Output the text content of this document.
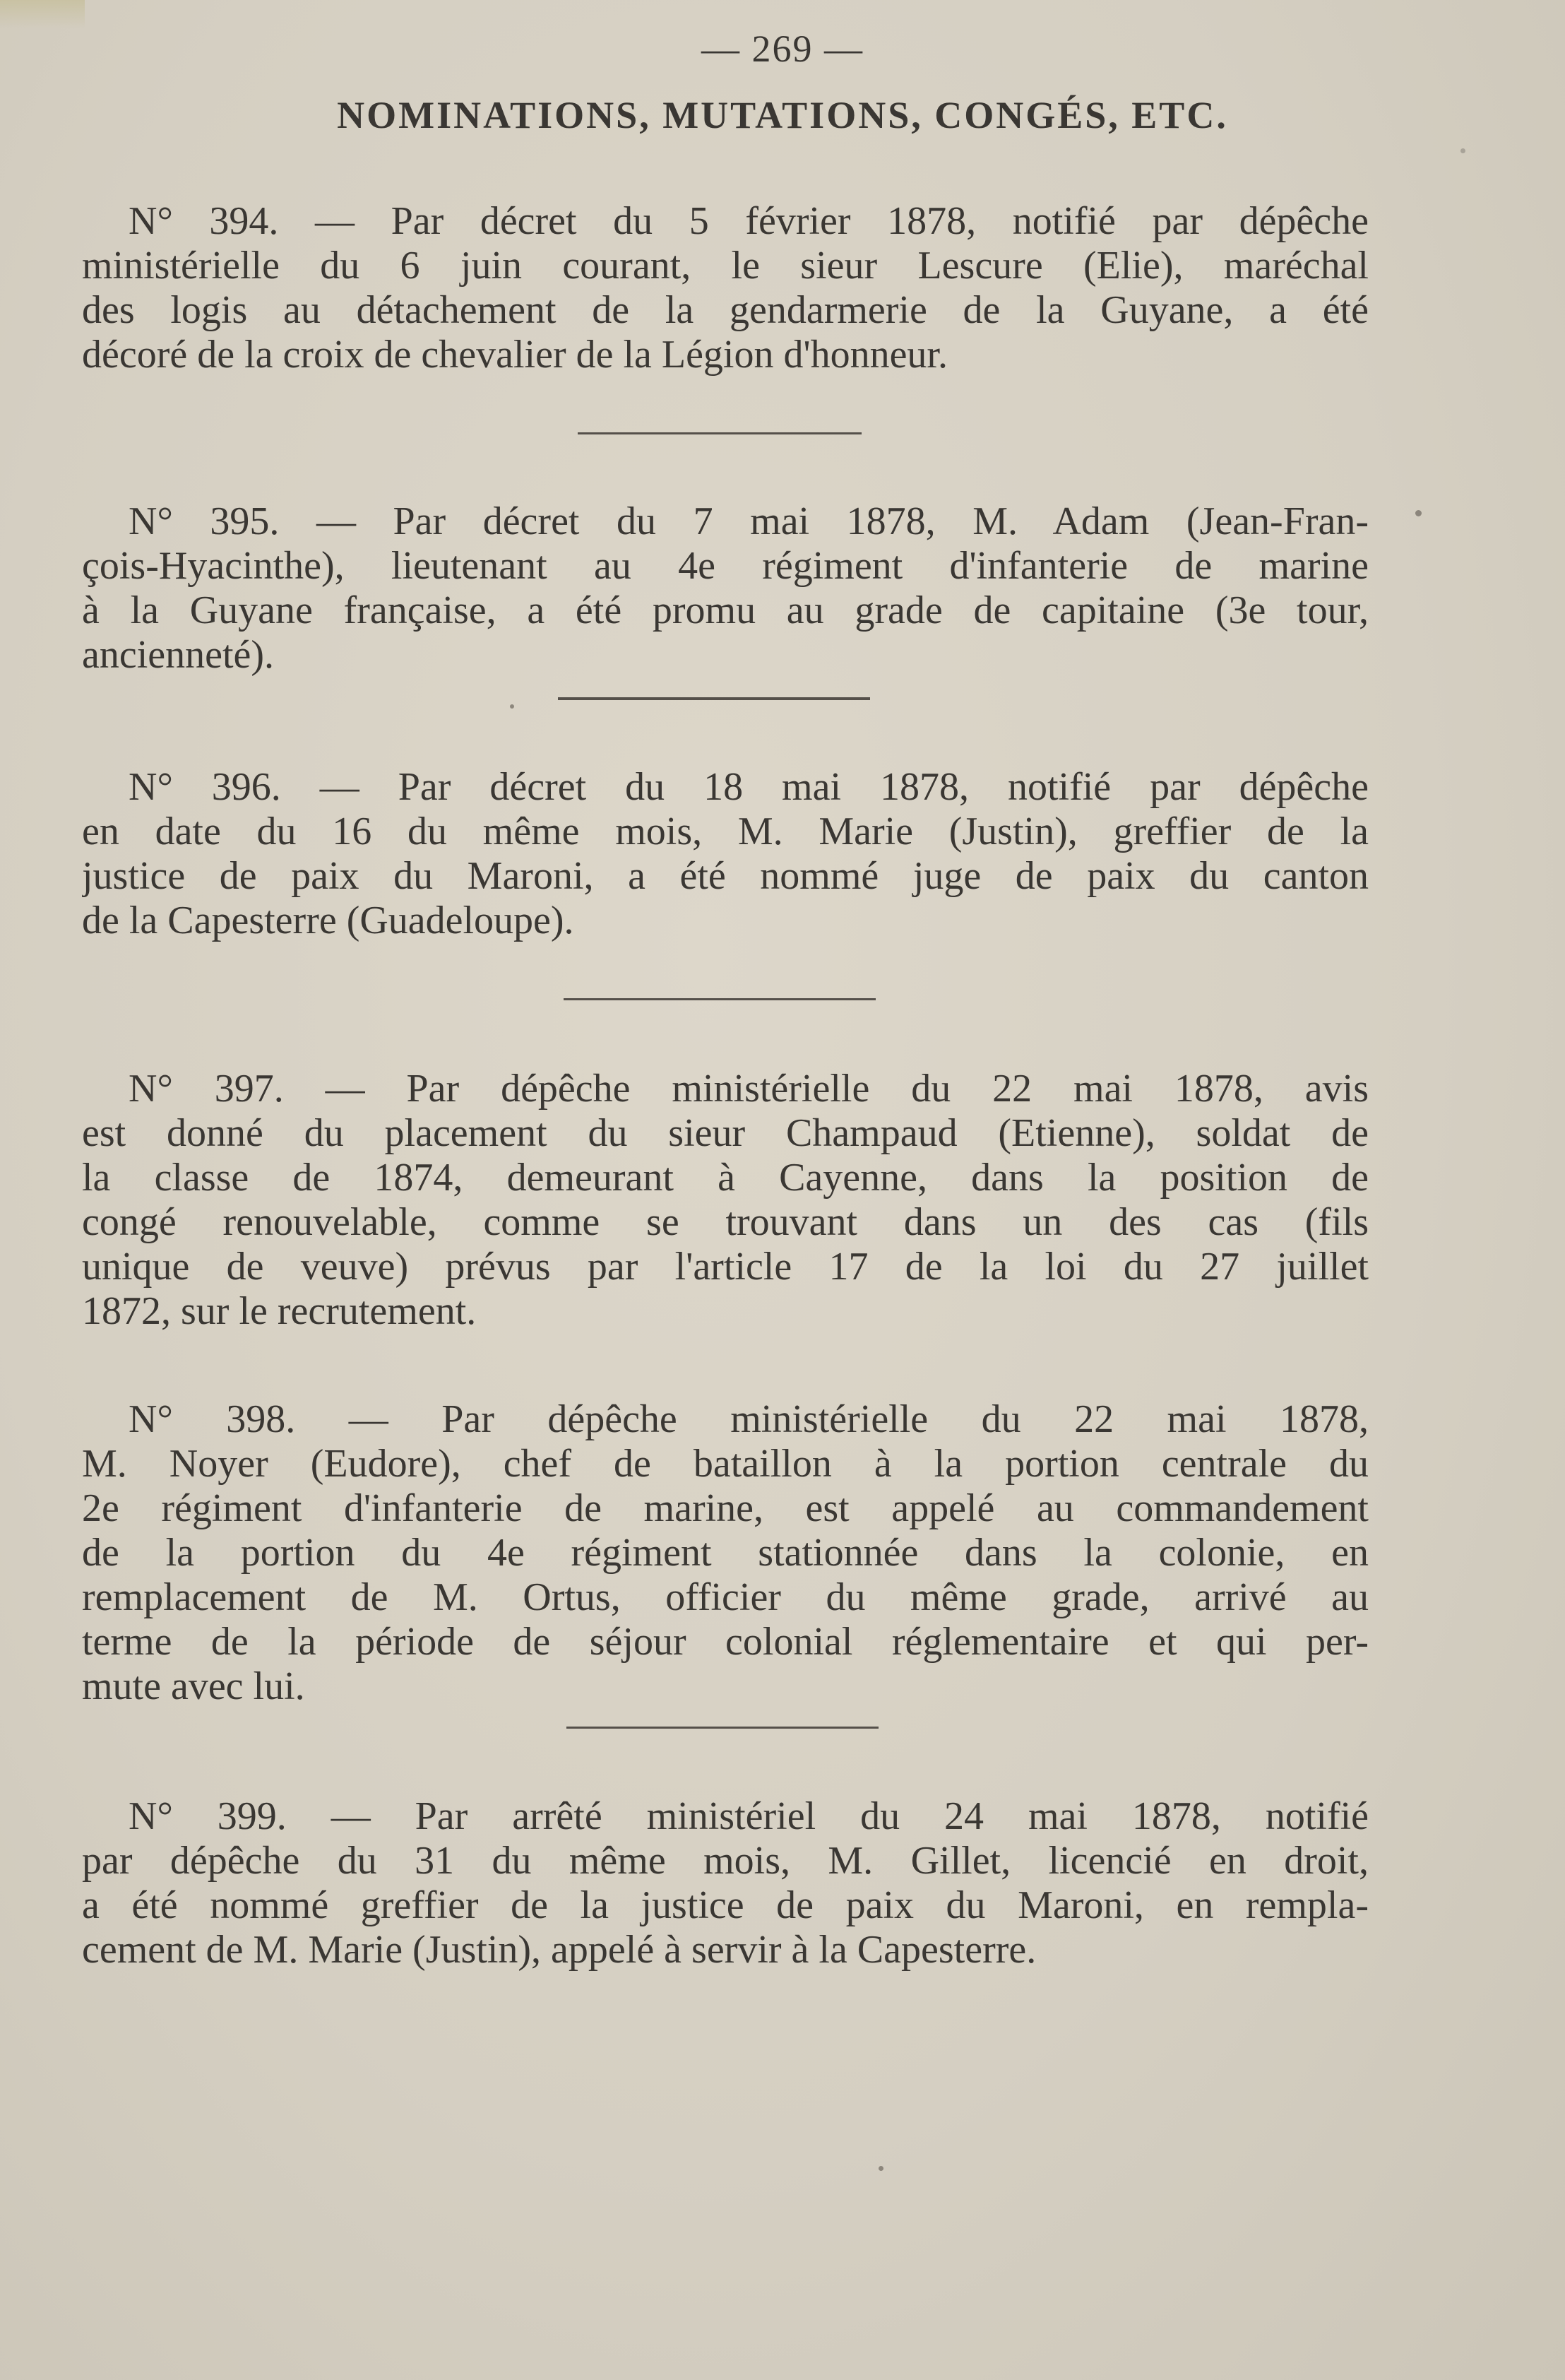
— 269 —
NOMINATIONS, MUTATIONS, CONGÉS, ETC.
N° 394. — Par décret du 5 février 1878, notifié par dépêche
ministérielle du 6 juin courant, le sieur Lescure (Elie), maréchal
des logis au détachement de la gendarmerie de la Guyane, a été
décoré de la croix de chevalier de la Légion d'honneur.
N° 395. — Par décret du 7 mai 1878, M. Adam (Jean-Fran-
çois-Hyacinthe), lieutenant au 4e régiment d'infanterie de marine
à la Guyane française, a été promu au grade de capitaine (3e tour,
ancienneté).
N° 396. — Par décret du 18 mai 1878, notifié par dépêche
en date du 16 du même mois, M. Marie (Justin), greffier de la
justice de paix du Maroni, a été nommé juge de paix du canton
de la Capesterre (Guadeloupe).
N° 397. — Par dépêche ministérielle du 22 mai 1878, avis
est donné du placement du sieur Champaud (Etienne), soldat de
la classe de 1874, demeurant à Cayenne, dans la position de
congé renouvelable, comme se trouvant dans un des cas (fils
unique de veuve) prévus par l'article 17 de la loi du 27 juillet
1872, sur le recrutement.
N° 398. — Par dépêche ministérielle du 22 mai 1878,
M. Noyer (Eudore), chef de bataillon à la portion centrale du
2e régiment d'infanterie de marine, est appelé au commandement
de la portion du 4e régiment stationnée dans la colonie, en
remplacement de M. Ortus, officier du même grade, arrivé au
terme de la période de séjour colonial réglementaire et qui per-
mute avec lui.
N° 399. — Par arrêté ministériel du 24 mai 1878, notifié
par dépêche du 31 du même mois, M. Gillet, licencié en droit,
a été nommé greffier de la justice de paix du Maroni, en rempla-
cement de M. Marie (Justin), appelé à servir à la Capesterre.
